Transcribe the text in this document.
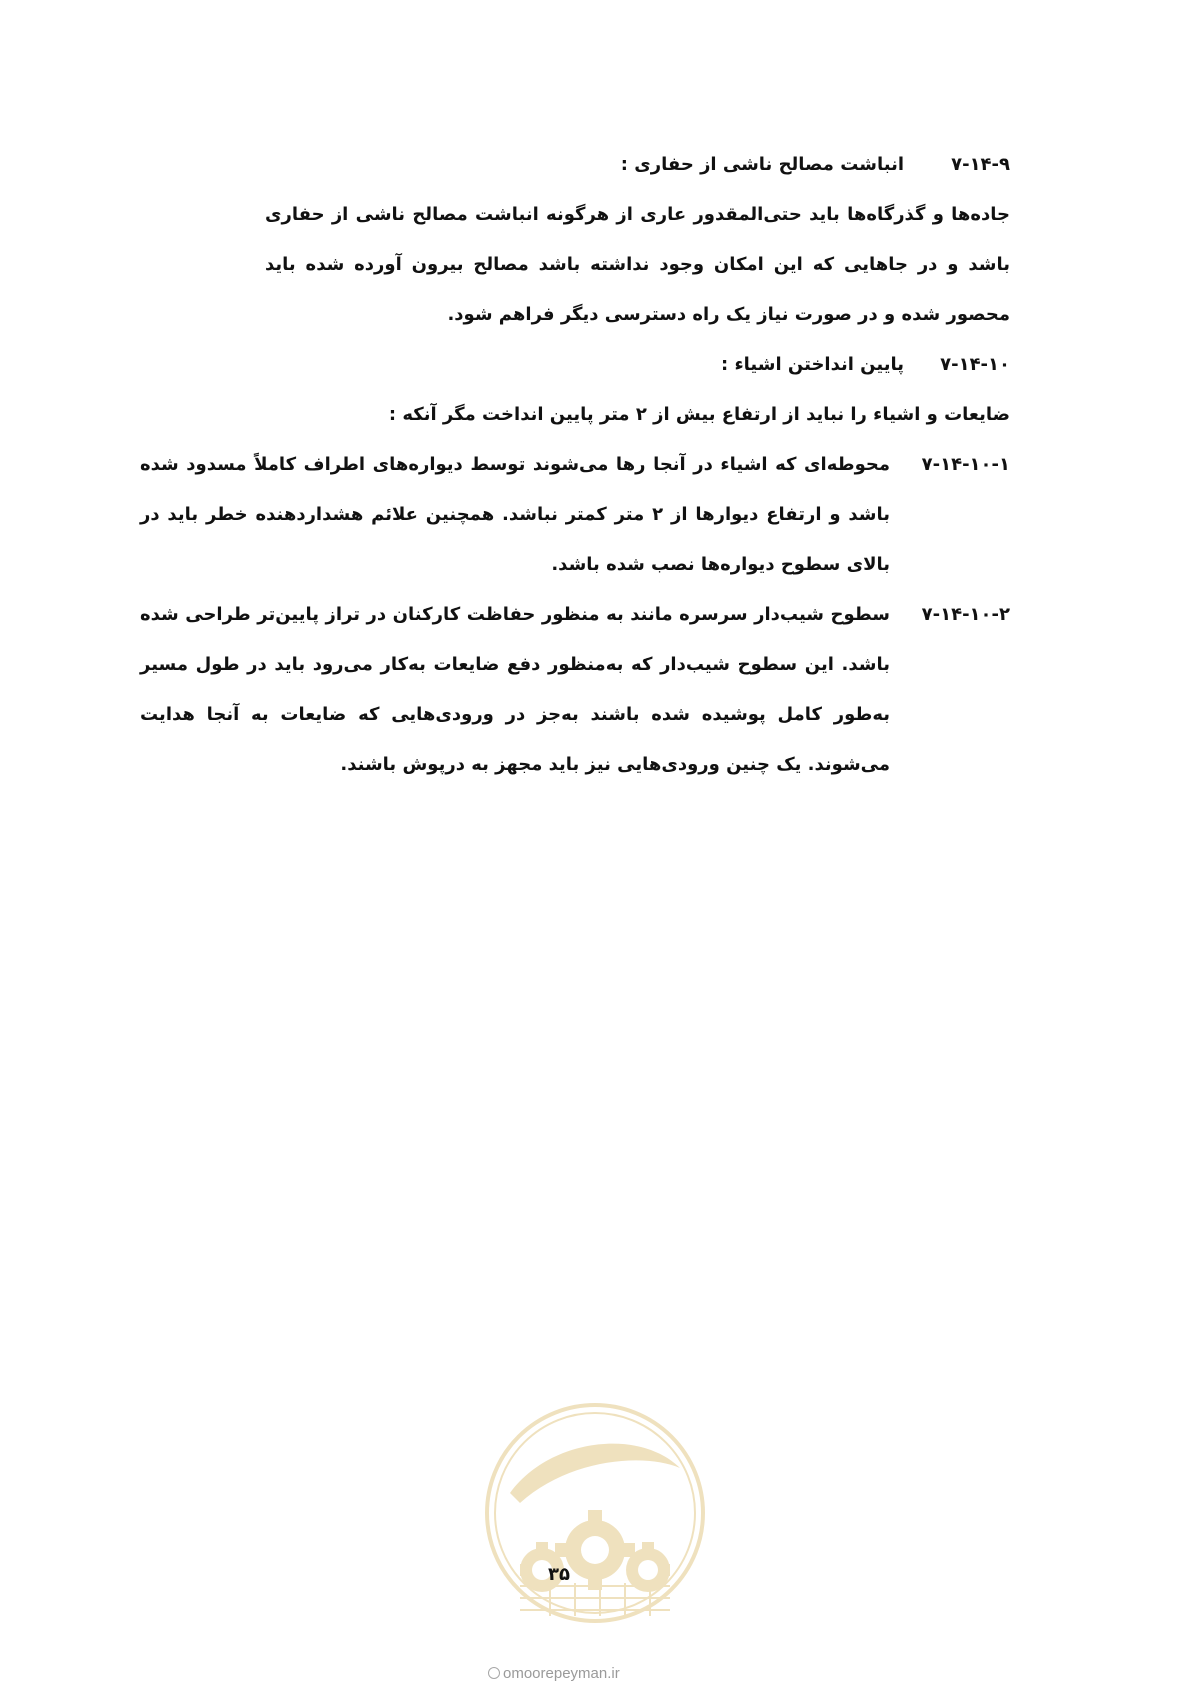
۷-۱۴-۹
انباشت مصالح ناشی از حفاری :

جاده‌ها و گذرگاه‌ها باید حتی‌المقدور عاری از هرگونه انباشت مصالح ناشی از حفاری باشد و در جاهایی که این امکان وجود نداشته باشد مصالح بیرون آورده شده باید محصور شده و در صورت نیاز یک راه دسترسی دیگر فراهم شود.

۷-۱۴-۱۰
پایین انداختن اشیاء :

ضایعات و اشیاء را نباید از ارتفاع بیش از ۲ متر پایین انداخت مگر آنکه :

۷-۱۴-۱۰-۱
محوطه‌ای که اشیاء در آنجا رها می‌شوند توسط دیواره‌های اطراف کاملاً مسدود شده باشد و ارتفاع دیوارها از ۲ متر کمتر نباشد. همچنین علائم هشداردهنده خطر باید در بالای سطوح دیواره‌ها نصب شده باشد.
۷-۱۴-۱۰-۲
سطوح شیب‌دار سرسره مانند به منظور حفاظت کارکنان در تراز پایین‌تر طراحی شده باشد. این سطوح شیب‌دار که به‌منظور دفع ضایعات به‌کار می‌رود باید در طول مسیر به‌طور کامل پوشیده شده باشند به‌جز در ورودی‌هایی که ضایعات به آنجا هدایت می‌شوند. یک چنین ورودی‌هایی نیز باید مجهز به درپوش باشند.
۳۵
omoorepeyman.ir
